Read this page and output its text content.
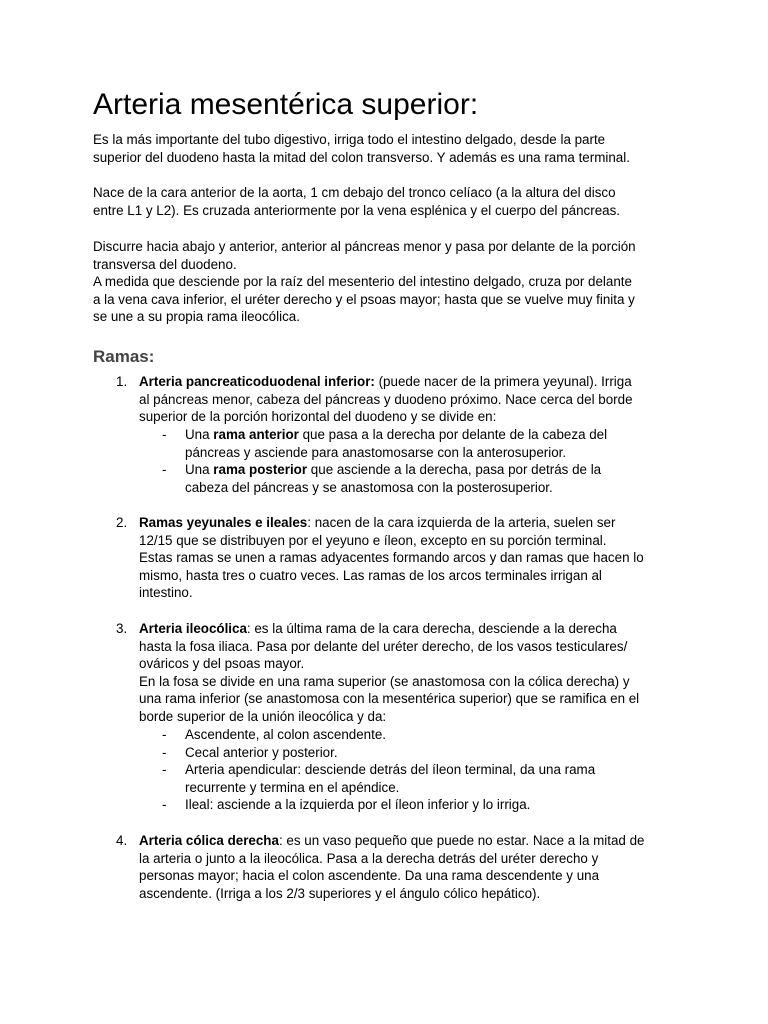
Arteria mesentérica superior:

Es la más importante del tubo digestivo, irriga todo el intestino delgado, desde la parte
superior del duodeno hasta la mitad del colon transverso. Y además es una rama terminal.

Nace de la cara anterior de la aorta, 1 cm debajo del tronco celíaco (a la altura del disco
entre L1 y L2). Es cruzada anteriormente por la vena esplénica y el cuerpo del páncreas.

Discurre hacia abajo y anterior, anterior al páncreas menor y pasa por delante de la porción
transversa del duodeno.
A medida que desciende por la raíz del mesenterio del intestino delgado, cruza por delante
a la vena cava inferior, el uréter derecho y el psoas mayor; hasta que se vuelve muy finita y
se une a su propia rama ileocólica.

Ramas:
1. Arteria pancreaticoduodenal inferior: (puede nacer de la primera yeyunal). Irriga
al páncreas menor, cabeza del páncreas y duodeno próximo. Nace cerca del borde
superior de la porción horizontal del duodeno y se divide en:
- Una rama anterior que pasa a la derecha por delante de la cabeza del
páncreas y asciende para anastomosarse con la anterosuperior.
- Una rama posterior que asciende a la derecha, pasa por detrás de la
cabeza del páncreas y se anastomosa con la posterosuperior.
2. Ramas yeyunales e ileales: nacen de la cara izquierda de la arteria, suelen ser
12/15 que se distribuyen por el yeyuno e íleon, excepto en su porción terminal.
Estas ramas se unen a ramas adyacentes formando arcos y dan ramas que hacen lo
mismo, hasta tres o cuatro veces. Las ramas de los arcos terminales irrigan al
intestino.
3. Arteria ileocólica: es la última rama de la cara derecha, desciende a la derecha
hasta la fosa iliaca. Pasa por delante del uréter derecho, de los vasos testiculares/
ováricos y del psoas mayor.
En la fosa se divide en una rama superior (se anastomosa con la cólica derecha) y
una rama inferior (se anastomosa con la mesentérica superior) que se ramifica en el
borde superior de la unión ileocólica y da:
- Ascendente, al colon ascendente.
- Cecal anterior y posterior.
- Arteria apendicular: desciende detrás del íleon terminal, da una rama
recurrente y termina en el apéndice.
- Ileal: asciende a la izquierda por el íleon inferior y lo irriga.
4. Arteria cólica derecha: es un vaso pequeño que puede no estar. Nace a la mitad de
la arteria o junto a la ileocólica. Pasa a la derecha detrás del uréter derecho y
personas mayor; hacia el colon ascendente. Da una rama descendente y una
ascendente. (Irriga a los 2/3 superiores y el ángulo cólico hepático).
